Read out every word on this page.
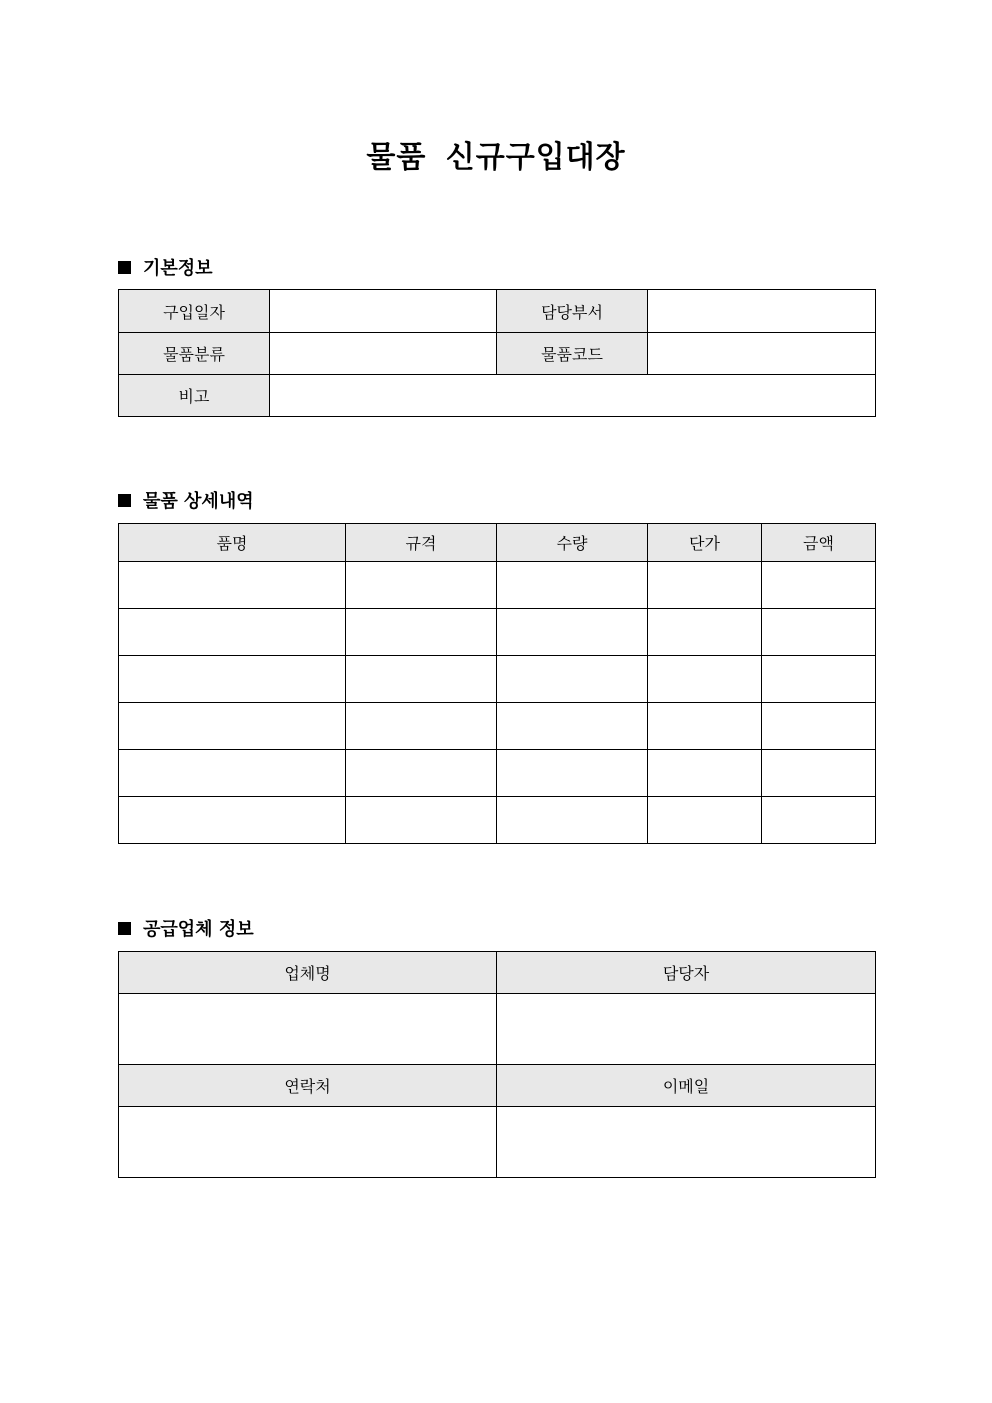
물품 신규구입대장
기본정보
구입일자		담당부서	
물품분류		물품코드	
비고			
물품 상세내역
품명	규격	수량	단가	금액

공급업체 정보
업체명	담당자

연락처	이메일
